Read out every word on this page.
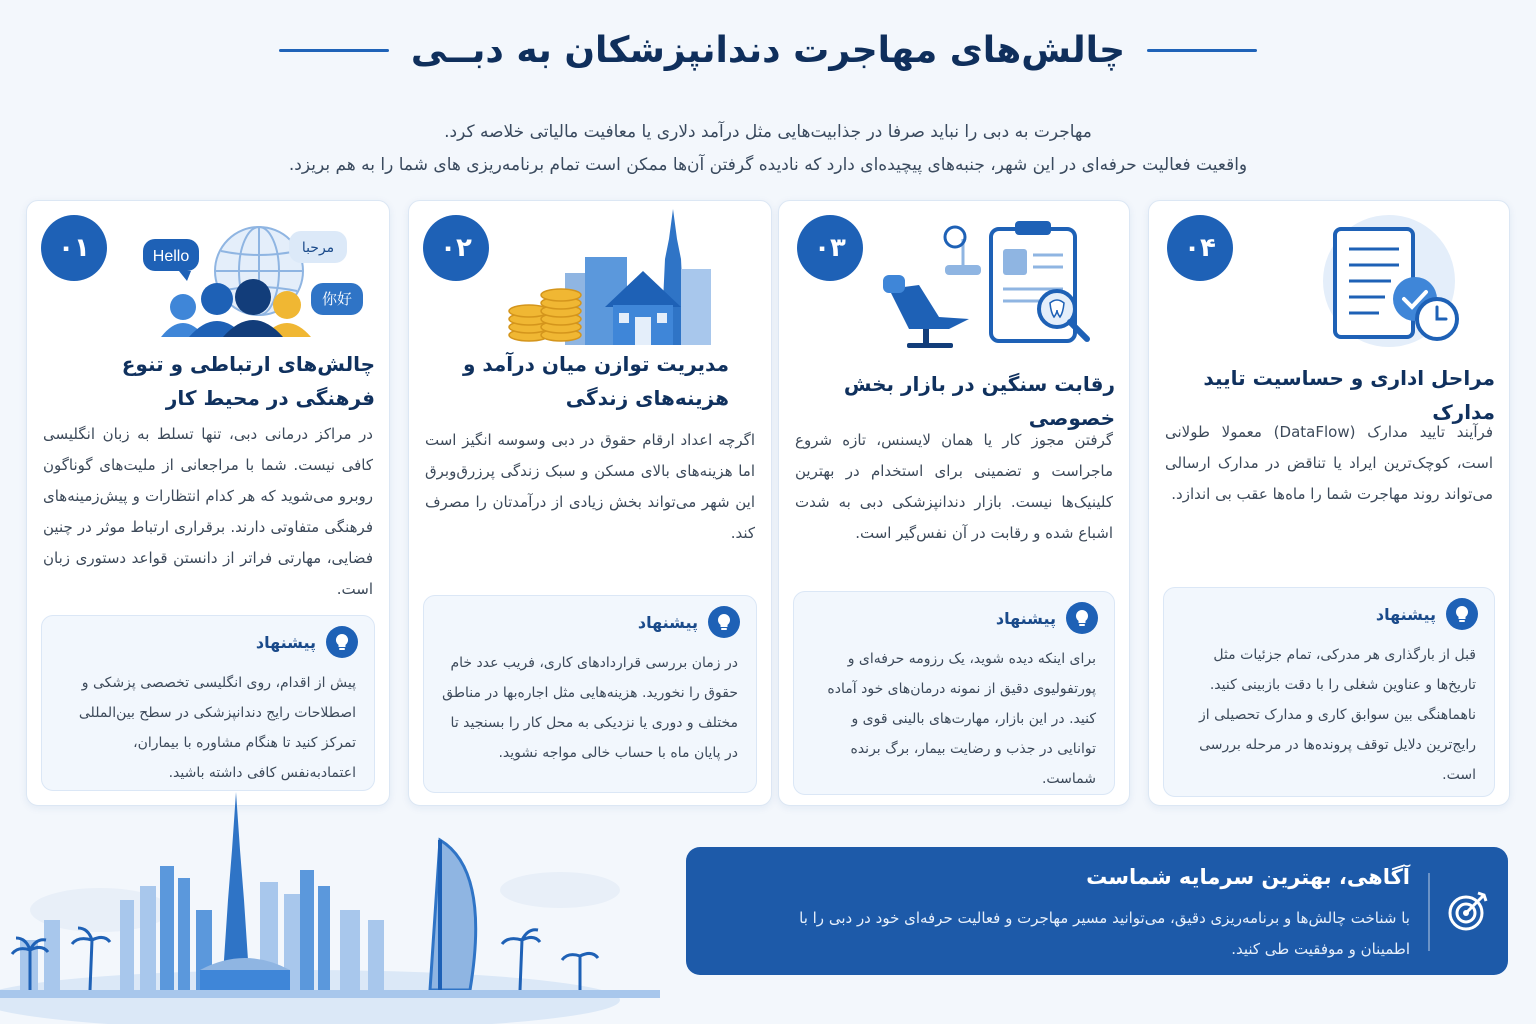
چالش‌های مهاجرت دندانپزشکان به دبــی
مهاجرت به دبی را نباید صرفا در جذابیت‌هایی مثل درآمد دلاری یا معافیت مالیاتی خلاصه کرد.
واقعیت فعالیت حرفه‌ای در این شهر، جنبه‌های پیچیده‌ای دارد که نادیده گرفتن آن‌ها ممکن است تمام برنامه‌ریزی های شما را به هم بریزد.
۰۱	Hello	مرحبا
你好
چالش‌های ارتباطی و تنوع فرهنگی در محیط کار
در مراکز درمانی دبی، تنها تسلط به زبان انگلیسی کافی نیست. شما با مراجعانی از ملیت‌های گوناگون روبرو می‌شوید که هر کدام انتظارات و پیش‌زمینه‌های فرهنگی متفاوتی دارند. برقراری ارتباط موثر در چنین فضایی، مهارتی فراتر از دانستن قواعد دستوری زبان است.
پیشنهاد
پیش از اقدام، روی انگلیسی تخصصی پزشکی و اصطلاحات رایج دندانپزشکی در سطح بین‌المللی تمرکز کنید تا هنگام مشاوره با بیماران، اعتمادبه‌نفس کافی داشته باشید.
۰۲
مدیریت توازن میان درآمد و هزینه‌های زندگی
اگرچه اعداد ارقام حقوق در دبی وسوسه انگیز است اما هزینه‌های بالای مسکن و سبک زندگی پرزرق‌وبرق این شهر می‌تواند بخش زیادی از درآمدتان را مصرف کند.
پیشنهاد
در زمان بررسی قراردادهای کاری، فریب عدد خام حقوق را نخورید. هزینه‌هایی مثل اجاره‌بها در مناطق مختلف و دوری یا نزدیکی به محل کار را بسنجید تا در پایان ماه با حساب خالی مواجه نشوید.
۰۳
رقابت سنگین در بازار بخش خصوصی
گرفتن مجوز کار یا همان لایسنس، تازه شروع ماجراست و تضمینی برای استخدام در بهترین کلینیک‌ها نیست. بازار دندانپزشکی دبی به شدت اشباع شده و رقابت در آن نفس‌گیر است.
پیشنهاد
برای اینکه دیده شوید، یک رزومه حرفه‌ای و پورتفولیوی دقیق از نمونه درمان‌های خود آماده کنید. در این بازار، مهارت‌های بالینی قوی و توانایی در جذب و رضایت بیمار، برگ برنده شماست.
۰۴
مراحل اداری و حساسیت تایید مدارک
فرآیند تایید مدارک (DataFlow) معمولا طولانی است، کوچک‌ترین ایراد یا تناقض در مدارک ارسالی می‌تواند روند مهاجرت شما را ماه‌ها عقب بی اندازد.
پیشنهاد
قبل از بارگذاری هر مدرکی، تمام جزئیات مثل تاریخ‌ها و عناوین شغلی را با دقت بازبینی کنید. ناهماهنگی بین سوابق کاری و مدارک تحصیلی از رایج‌ترین دلایل توقف پرونده‌ها در مرحله بررسی است.
آگاهی، بهترین سرمایه شماست

با شناخت چالش‌ها و برنامه‌ریزی دقیق، می‌توانید مسیر مهاجرت و فعالیت حرفه‌ای خود در دبی را با اطمینان و موفقیت طی کنید.
